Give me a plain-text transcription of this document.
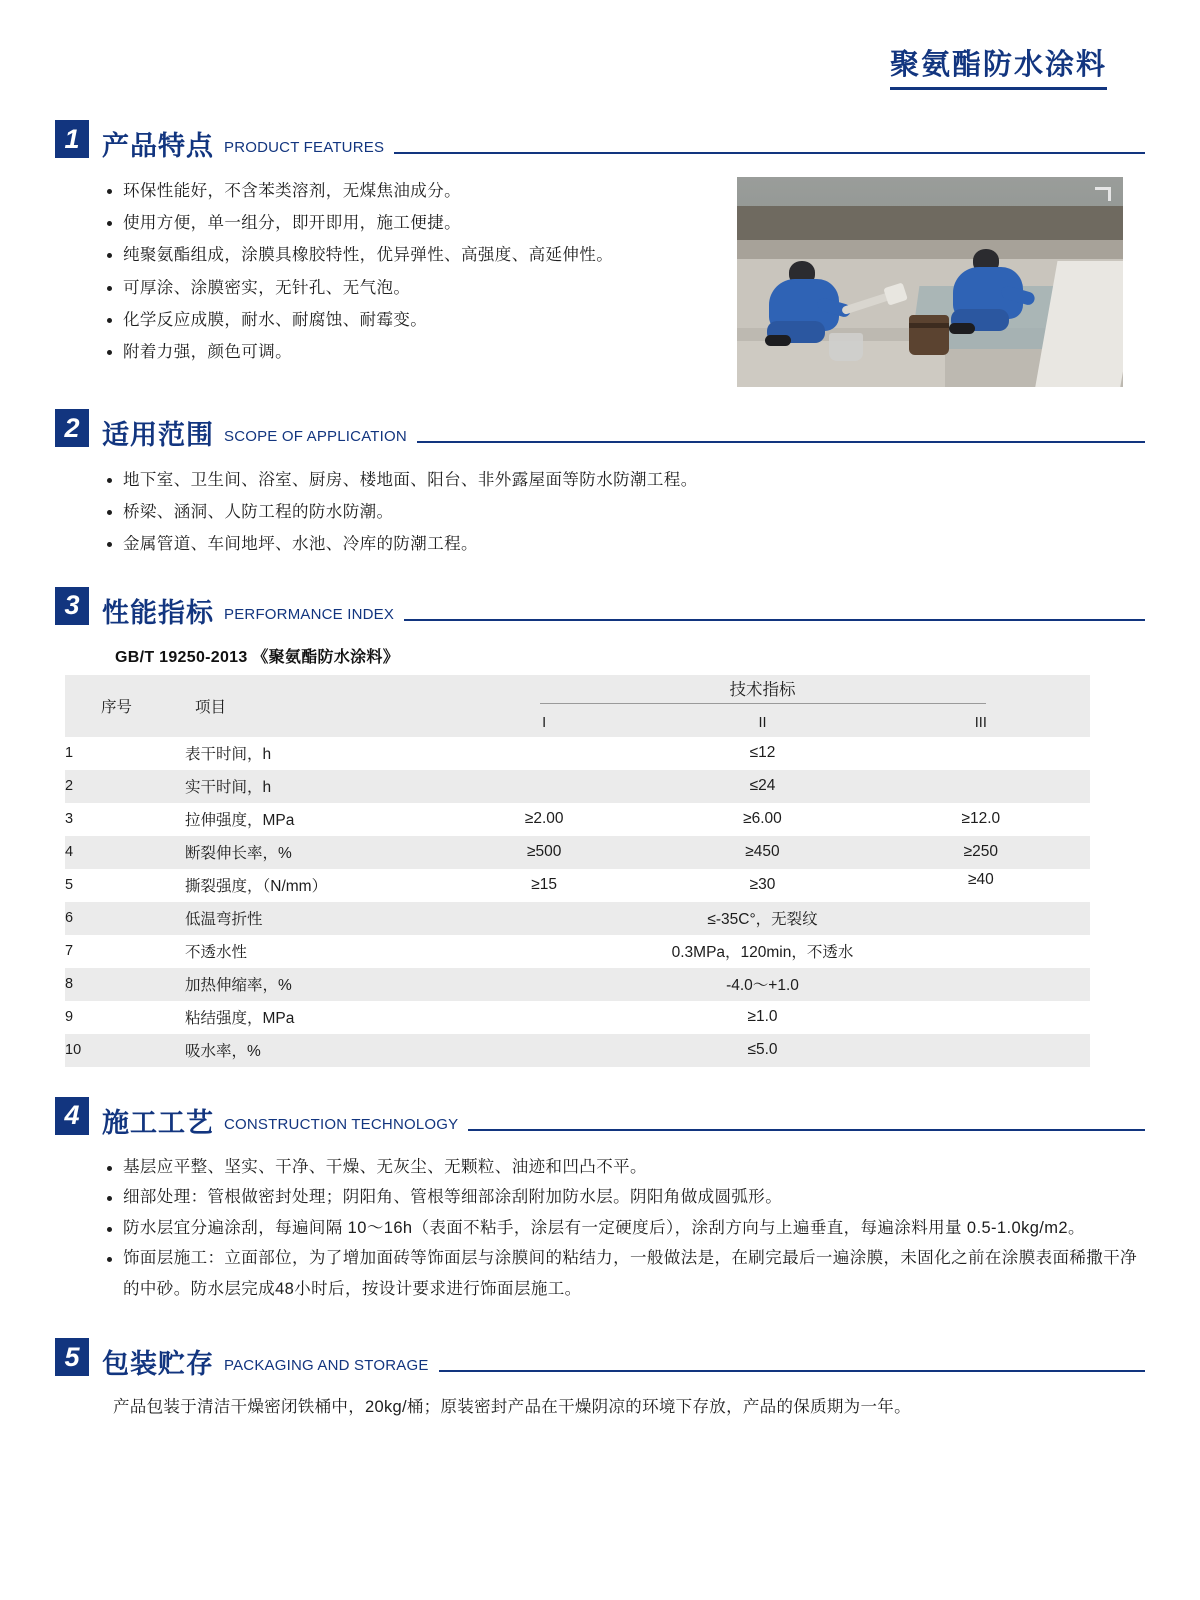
聚氨酯防水涂料
1 产品特点 PRODUCT FEATURES
环保性能好，不含苯类溶剂，无煤焦油成分。
使用方便，单一组分，即开即用，施工便捷。
纯聚氨酯组成，涂膜具橡胶特性，优异弹性、高强度、高延伸性。
可厚涂、涂膜密实，无针孔、无气泡。
化学反应成膜，耐水、耐腐蚀、耐霉变。
附着力强，颜色可调。
2 适用范围 SCOPE OF APPLICATION
地下室、卫生间、浴室、厨房、楼地面、阳台、非外露屋面等防水防潮工程。
桥梁、涵洞、人防工程的防水防潮。
金属管道、车间地坪、水池、冷库的防潮工程。
3 性能指标 PERFORMANCE INDEX
GB/T 19250-2013 《聚氨酯防水涂料》
序号	项目	技术指标		
		I	II	III
1	表干时间，h	≤12		
2	实干时间，h	≤24		
3	拉伸强度，MPa	≥2.00	≥6.00	≥12.0
4	断裂伸长率，%	≥500	≥450	≥250
5	撕裂强度，（N/mm）	≥15	≥30	≥40
6	低温弯折性	≤-35C°，无裂纹		
7	不透水性	0.3MPa，120min，不透水		
8	加热伸缩率，%	-4.0～+1.0		
9	粘结强度，MPa	≥1.0		
10	吸水率，%	≤5.0		
4 施工工艺 CONSTRUCTION TECHNOLOGY
基层应平整、坚实、干净、干燥、无灰尘、无颗粒、油迹和凹凸不平。
细部处理：管根做密封处理；阴阳角、管根等细部涂刮附加防水层。阴阳角做成圆弧形。
防水层宜分遍涂刮，每遍间隔 10～16h（表面不粘手，涂层有一定硬度后），涂刮方向与上遍垂直，每遍涂料用量 0.5-1.0kg/m2。
饰面层施工：立面部位，为了增加面砖等饰面层与涂膜间的粘结力，一般做法是，在刷完最后一遍涂膜，未固化之前在涂膜表面稀撒干净的中砂。防水层完成48小时后，按设计要求进行饰面层施工。
5 包装贮存 PACKAGING AND STORAGE
产品包装于清洁干燥密闭铁桶中，20kg/桶；原装密封产品在干燥阴凉的环境下存放，产品的保质期为一年。
